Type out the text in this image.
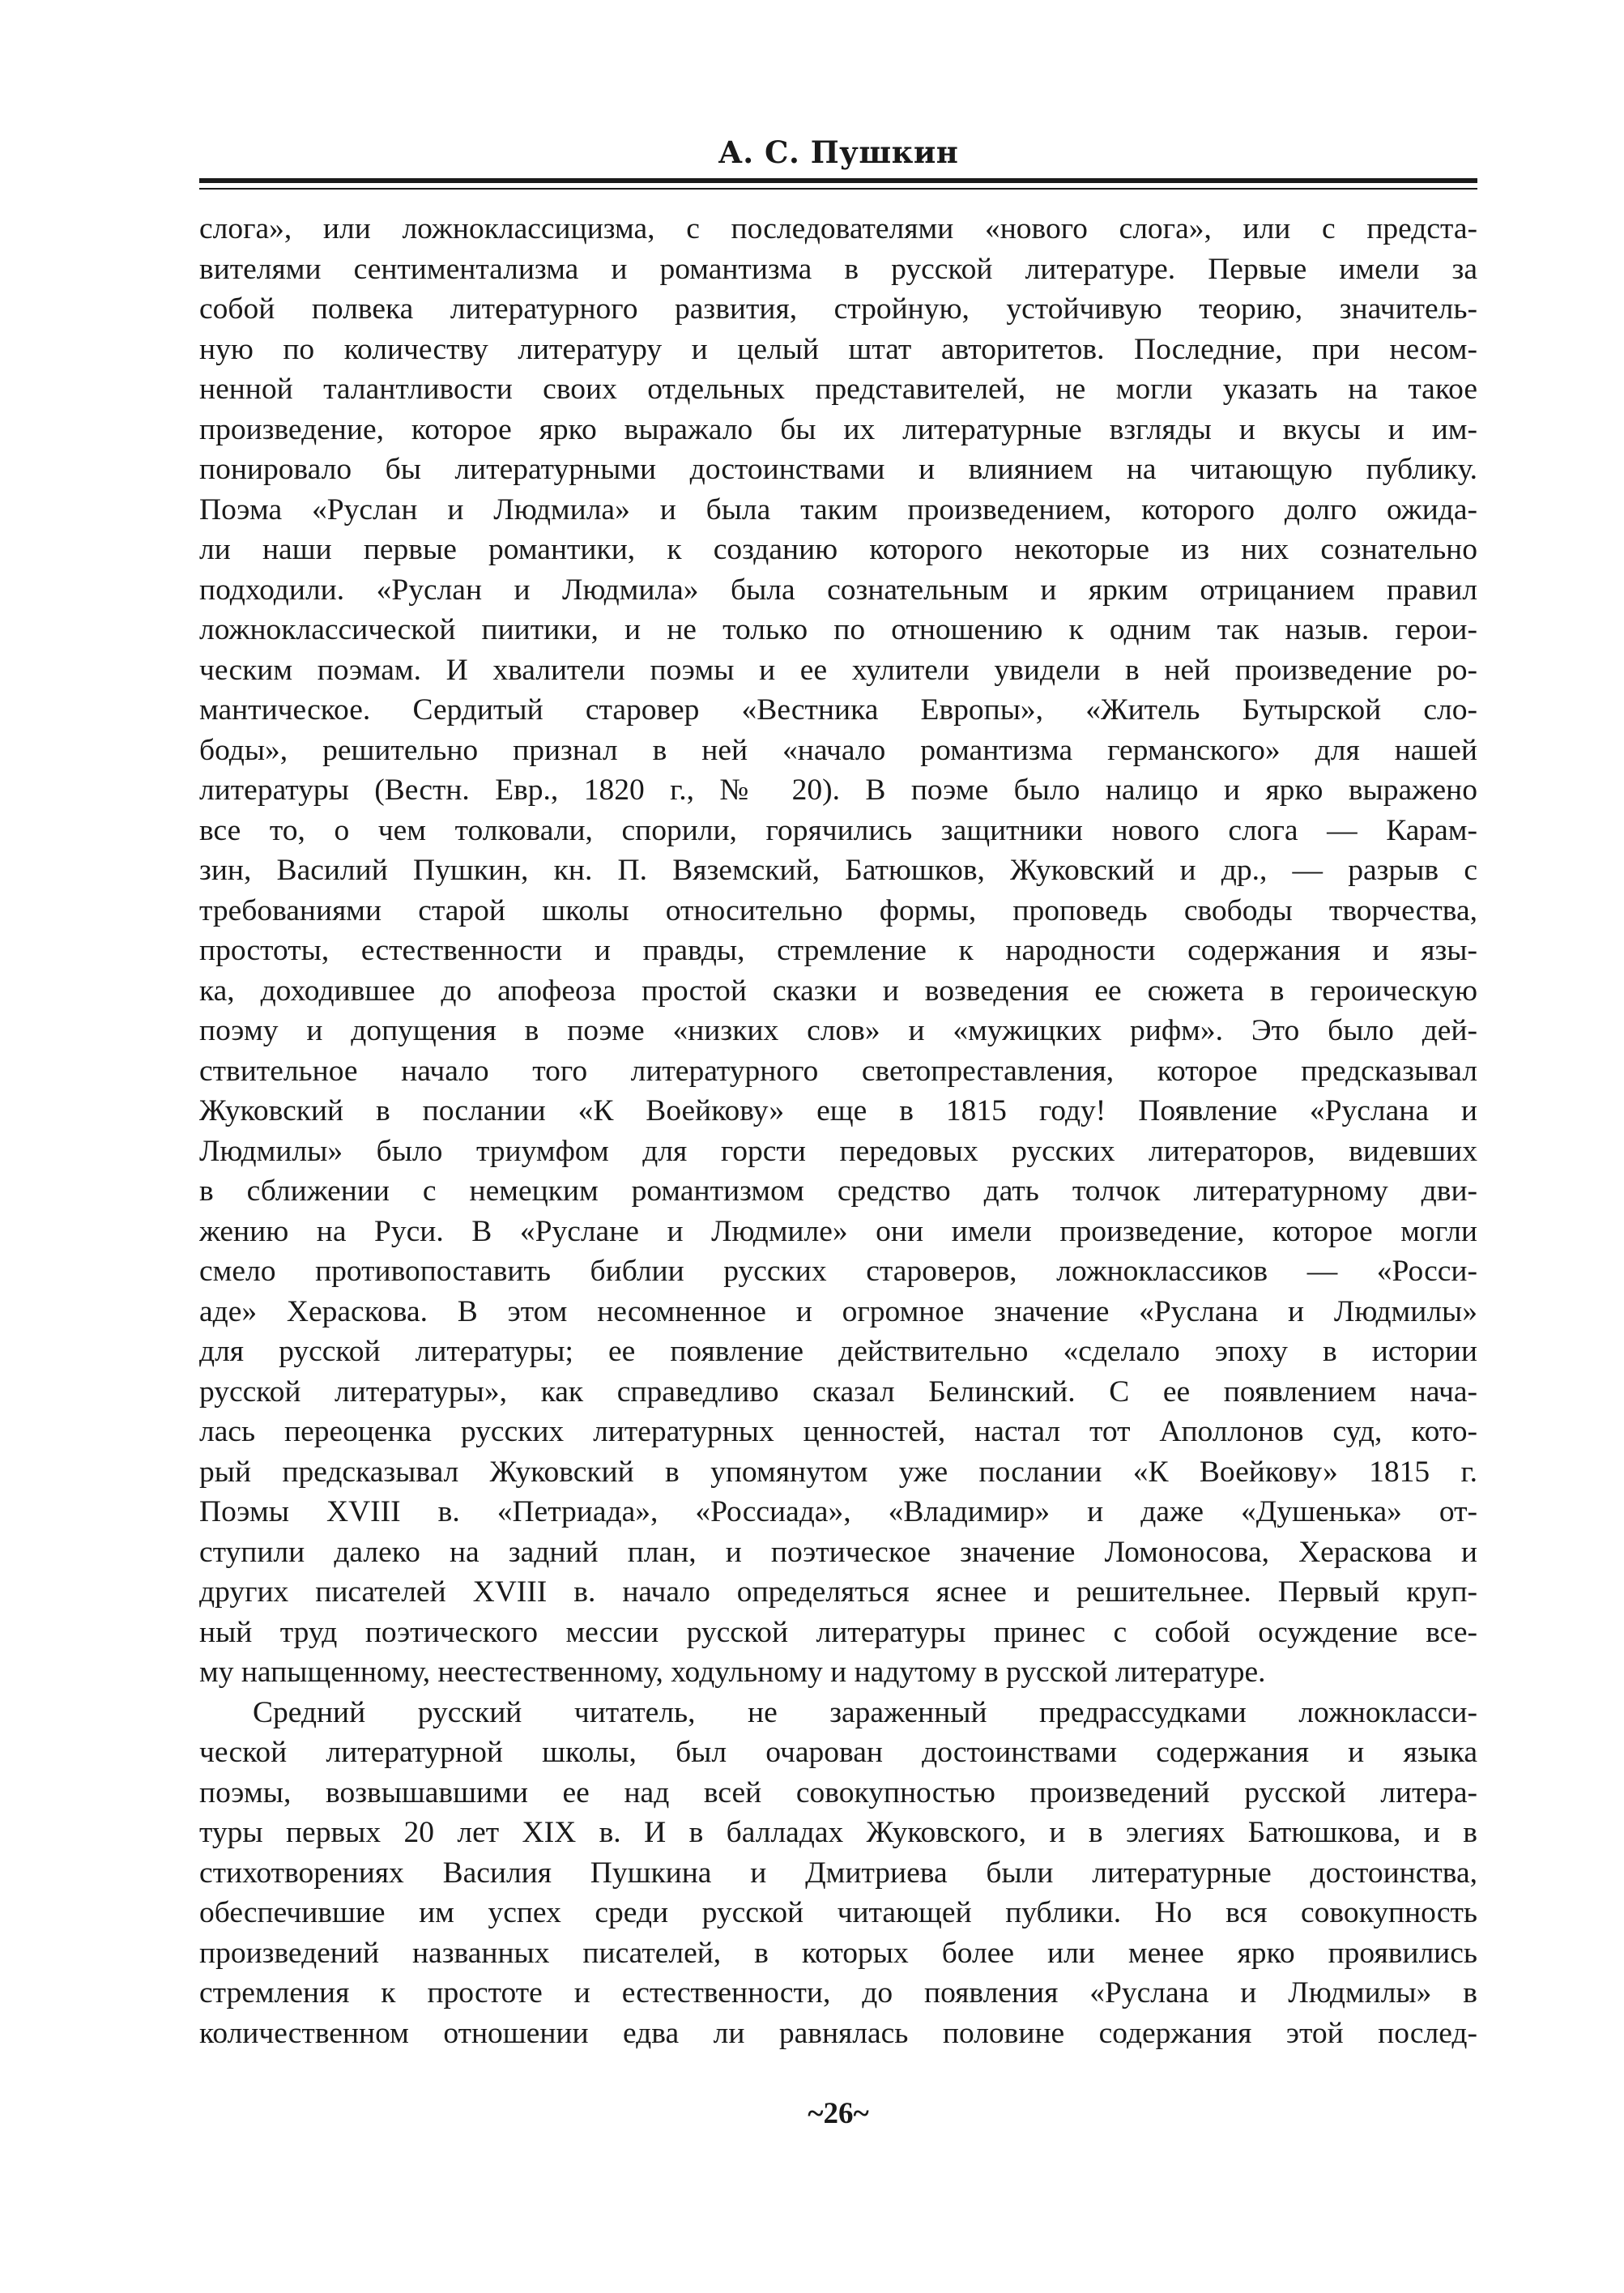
А. С. Пушкин
слога», или ложноклассицизма, с последователями «нового слога», или с предста-
вителями сентиментализма и романтизма в русской литературе. Первые имели за
собой полвека литературного развития, стройную, устойчивую теорию, значитель-
ную по количеству литературу и целый штат авторитетов. Последние, при несом-
ненной талантливости своих отдельных представителей, не могли указать на такое
произведение, которое ярко выражало бы их литературные взгляды и вкусы и им-
понировало бы литературными достоинствами и влиянием на читающую публику.
Поэма «Руслан и Людмила» и была таким произведением, которого долго ожида-
ли наши первые романтики, к созданию которого некоторые из них сознательно
подходили. «Руслан и Людмила» была сознательным и ярким отрицанием правил
ложноклассической пиитики, и не только по отношению к одним так назыв. герои-
ческим поэмам. И хвалители поэмы и ее хулители увидели в ней произведение ро-
мантическое. Сердитый старовер «Вестника Европы», «Житель Бутырской сло-
боды», решительно признал в ней «начало романтизма германского» для нашей
литературы (Вестн. Евр., 1820 г., № 20). В поэме было налицо и ярко выражено
все то, о чем толковали, спорили, горячились защитники нового слога — Карам-
зин, Василий Пушкин, кн. П. Вяземский, Батюшков, Жуковский и др., — разрыв с
требованиями старой школы относительно формы, проповедь свободы творчества,
простоты, естественности и правды, стремление к народности содержания и язы-
ка, доходившее до апофеоза простой сказки и возведения ее сюжета в героическую
поэму и допущения в поэме «низких слов» и «мужицких рифм». Это было дей-
ствительное начало того литературного светопреставления, которое предсказывал
Жуковский в послании «К Воейкову» еще в 1815 году! Появление «Руслана и
Людмилы» было триумфом для горсти передовых русских литераторов, видевших
в сближении с немецким романтизмом средство дать толчок литературному дви-
жению на Руси. В «Руслане и Людмиле» они имели произведение, которое могли
смело противопоставить библии русских староверов, ложноклассиков — «Росси-
аде» Хераскова. В этом несомненное и огромное значение «Руслана и Людмилы»
для русской литературы; ее появление действительно «сделало эпоху в истории
русской литературы», как справедливо сказал Белинский. С ее появлением нача-
лась переоценка русских литературных ценностей, настал тот Аполлонов суд, кото-
рый предсказывал Жуковский в упомянутом уже послании «К Воейкову» 1815 г.
Поэмы XVIII в. «Петриада», «Россиада», «Владимир» и даже «Душенька» от-
ступили далеко на задний план, и поэтическое значение Ломоносова, Хераскова и
других писателей XVIII в. начало определяться яснее и решительнее. Первый круп-
ный труд поэтического мессии русской литературы принес с собой осуждение все-
му напыщенному, неестественному, ходульному и надутому в русской литературе.
Средний русский читатель, не зараженный предрассудками ложнокласси-
ческой литературной школы, был очарован достоинствами содержания и языка
поэмы, возвышавшими ее над всей совокупностью произведений русской литера-
туры первых 20 лет XIX в. И в балладах Жуковского, и в элегиях Батюшкова, и в
стихотворениях Василия Пушкина и Дмитриева были литературные достоинства,
обеспечившие им успех среди русской читающей публики. Но вся совокупность
произведений названных писателей, в которых более или менее ярко проявились
стремления к простоте и естественности, до появления «Руслана и Людмилы» в
количественном отношении едва ли равнялась половине содержания этой послед-
~26~
